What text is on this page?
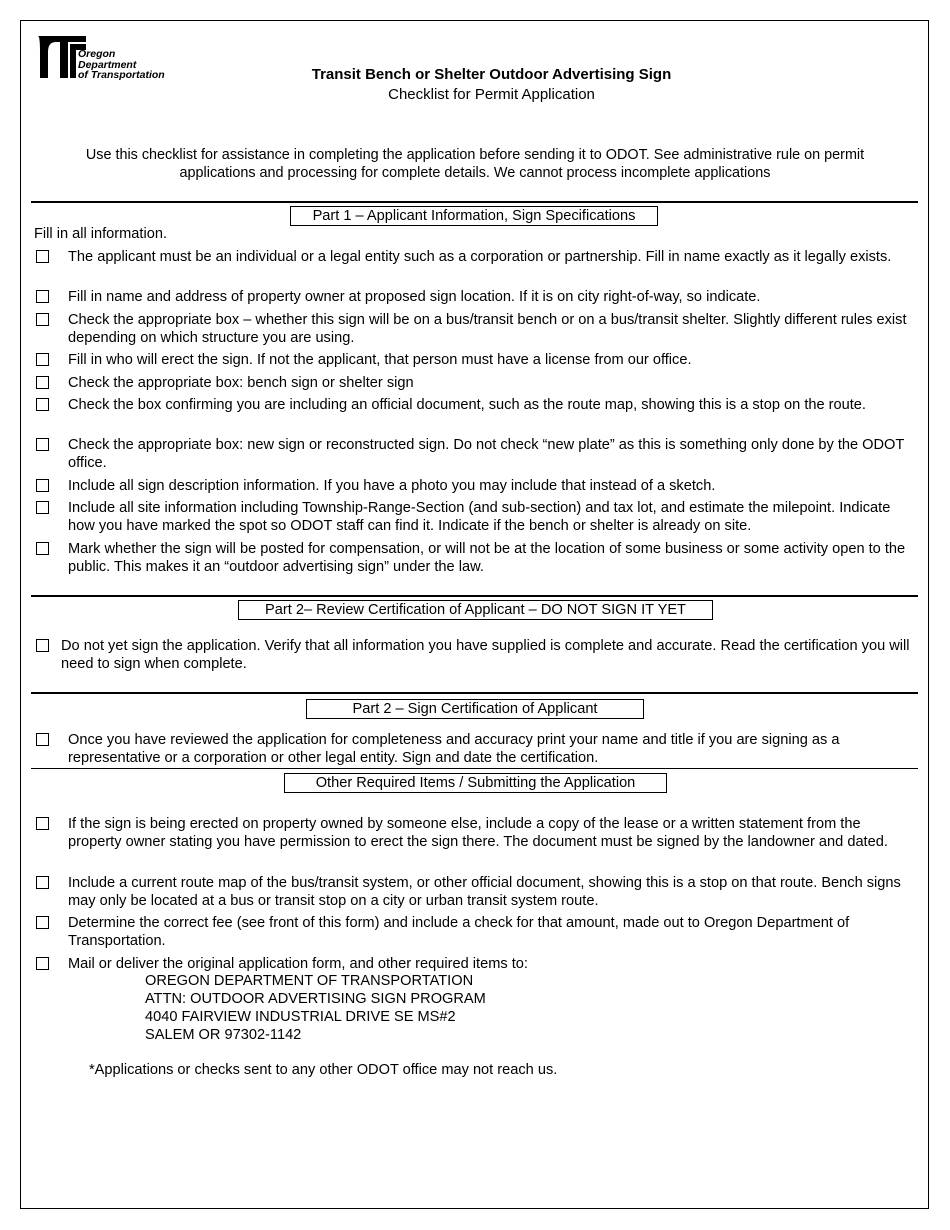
Oregon
Department
of Transportation	Transit Bench or Shelter Outdoor Advertising Sign
Checklist for Permit Application
Use this checklist for assistance in completing the application before sending it to ODOT. See administrative rule on permit applications and processing for complete details. We cannot process incomplete applications
Part 1 – Applicant Information, Sign Specifications
Fill in all information.
The applicant must be an individual or a legal entity such as a corporation or partnership. Fill in name exactly as it legally exists.
Fill in name and address of property owner at proposed sign location. If it is on city right-of-way, so indicate.
Check the appropriate box – whether this sign will be on a bus/transit bench or on a bus/transit shelter. Slightly different rules exist depending on which structure you are using.
Fill in who will erect the sign. If not the applicant, that person must have a license from our office.
Check the appropriate box: bench sign or shelter sign
Check the box confirming you are including an official document, such as the route map, showing this is a stop on the route.
Check the appropriate box: new sign or reconstructed sign. Do not check “new plate” as this is something only done by the ODOT office.
Include all sign description information. If you have a photo you may include that instead of a sketch.
Include all site information including Township-Range-Section (and sub-section) and tax lot, and estimate the milepoint. Indicate how you have marked the spot so ODOT staff can find it. Indicate if the bench or shelter is already on site.
Mark whether the sign will be posted for compensation, or will not be at the location of some business or some activity open to the public. This makes it an “outdoor advertising sign” under the law.
Part 2– Review Certification of Applicant – DO NOT SIGN IT YET
Do not yet sign the application. Verify that all information you have supplied is complete and accurate. Read the certification you will need to sign when complete.
Part 2 – Sign Certification of Applicant
Once you have reviewed the application for completeness and accuracy print your name and title if you are signing as a representative or a corporation or other legal entity. Sign and date the certification.
Other Required Items / Submitting the Application
If the sign is being erected on property owned by someone else, include a copy of the lease or a written statement from the property owner stating you have permission to erect the sign there. The document must be signed by the landowner and dated.
Include a current route map of the bus/transit system, or other official document, showing this is a stop on that route. Bench signs may only be located at a bus or transit stop on a city or urban transit system route.
Determine the correct fee (see front of this form) and include a check for that amount, made out to Oregon Department of Transportation.
Mail or deliver the original application form, and other required items to:
OREGON DEPARTMENT OF TRANSPORTATION
ATTN: OUTDOOR ADVERTISING SIGN PROGRAM
4040 FAIRVIEW INDUSTRIAL DRIVE SE MS#2
SALEM OR 97302-1142
*Applications or checks sent to any other ODOT office may not reach us.
